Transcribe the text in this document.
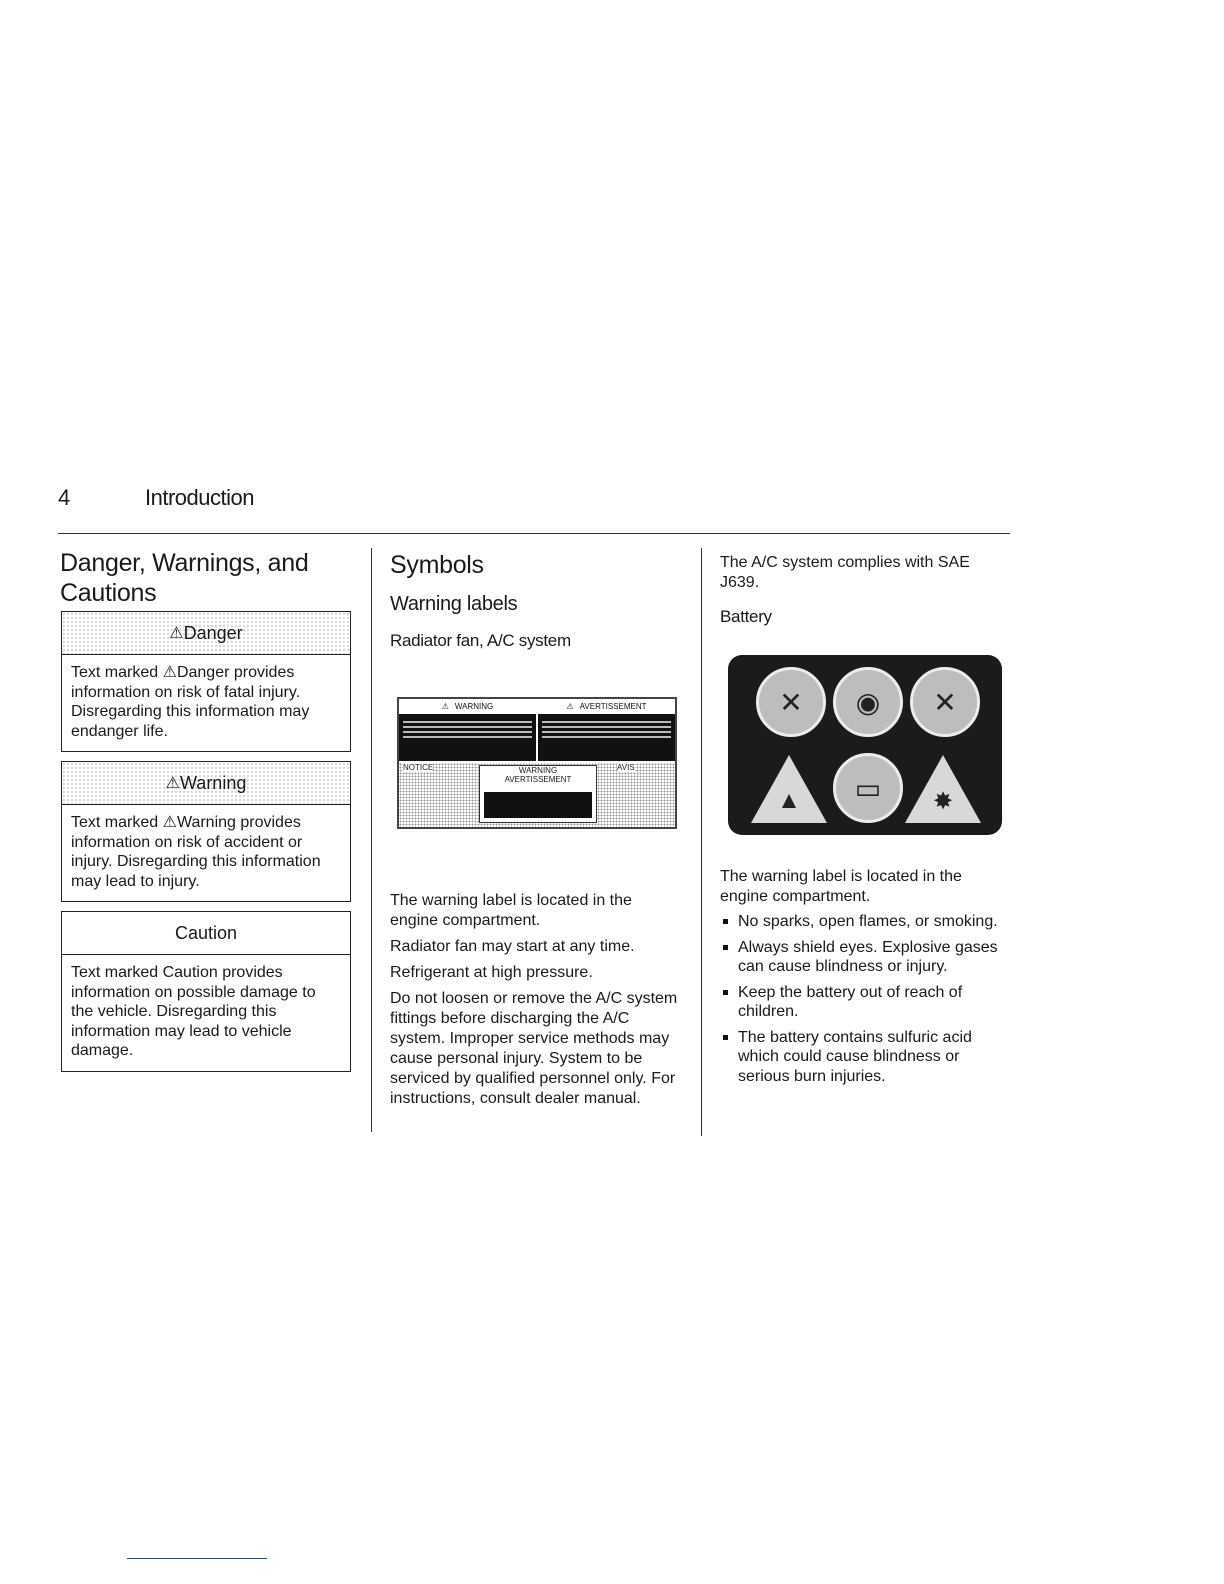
4	Introduction
Danger, Warnings, and Cautions
⚠ Danger
Text marked ⚠Danger provides information on risk of fatal injury. Disregarding this information may endanger life.
⚠ Warning
Text marked ⚠Warning provides information on risk of accident or injury. Disregarding this information may lead to injury.
Caution
Text marked Caution provides information on possible damage to the vehicle. Disregarding this information may lead to vehicle damage.
Symbols
Warning labels
Radiator fan, A/C system
⚠ WARNING	⚠ AVERTISSEMENT
NOTICE	AVIS
WARNING
AVERTISSEMENT

The warning label is located in the engine compartment.

Radiator fan may start at any time.

Refrigerant at high pressure.

Do not loosen or remove the A/C system fittings before discharging the A/C system. Improper service methods may cause personal injury. System to be serviced by qualified personnel only. For instructions, consult dealer manual.

The A/C system complies with SAE J639.

Battery
✕	◉	✕
▲	▭	✸

The warning label is located in the engine compartment.

No sparks, open flames, or smoking.
Always shield eyes. Explosive gases can cause blindness or injury.
Keep the battery out of reach of children.
The battery contains sulfuric acid which could cause blindness or serious burn injuries.
